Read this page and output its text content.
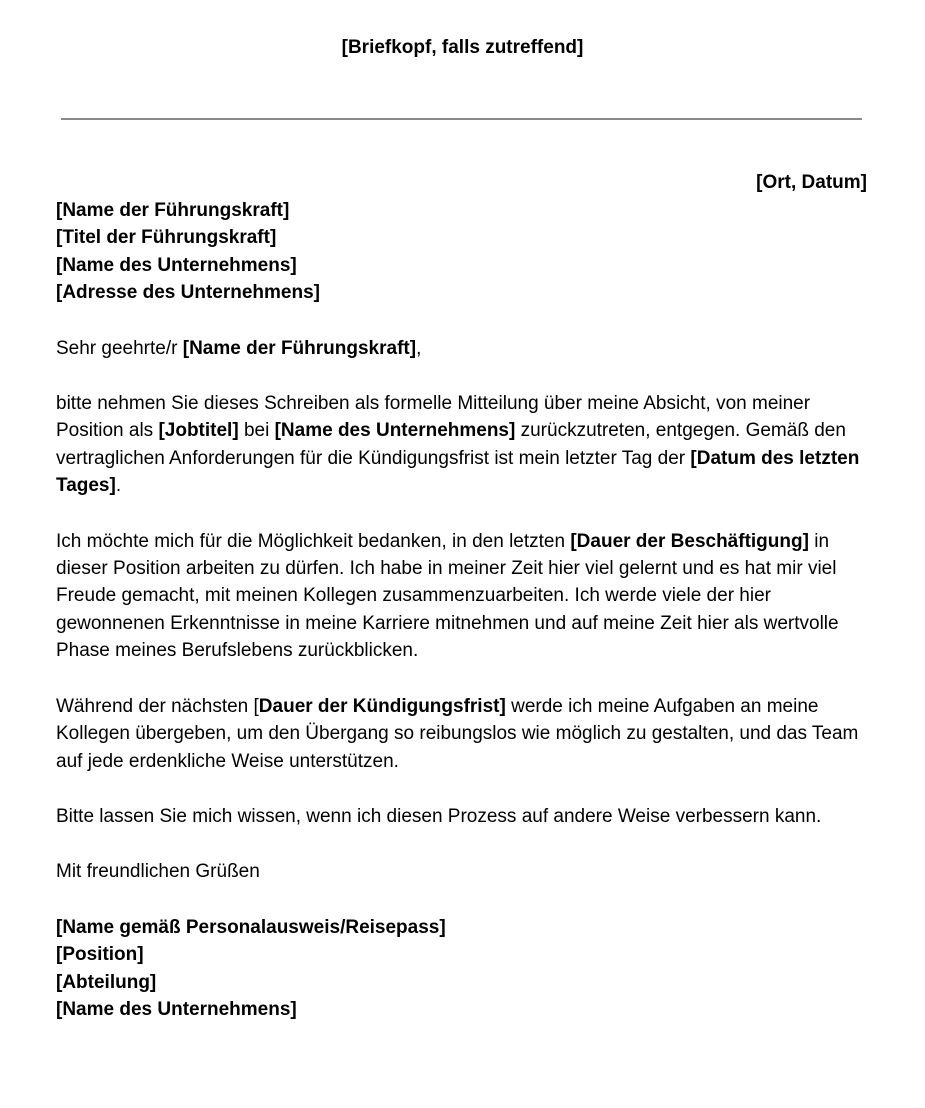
[Briefkopf, falls zutreffend]
[Ort, Datum]
[Name der Führungskraft]
[Titel der Führungskraft]
[Name des Unternehmens]
[Adresse des Unternehmens]

Sehr geehrte/r [Name der Führungskraft],

bitte nehmen Sie dieses Schreiben als formelle Mitteilung über meine Absicht, von meiner Position als [Jobtitel] bei [Name des Unternehmens] zurückzutreten, entgegen. Gemäß den vertraglichen Anforderungen für die Kündigungsfrist ist mein letzter Tag der [Datum des letzten Tages].

Ich möchte mich für die Möglichkeit bedanken, in den letzten [Dauer der Beschäftigung] in dieser Position arbeiten zu dürfen. Ich habe in meiner Zeit hier viel gelernt und es hat mir viel Freude gemacht, mit meinen Kollegen zusammenzuarbeiten. Ich werde viele der hier gewonnenen Erkenntnisse in meine Karriere mitnehmen und auf meine Zeit hier als wertvolle Phase meines Berufslebens zurückblicken.

Während der nächsten [Dauer der Kündigungsfrist] werde ich meine Aufgaben an meine Kollegen übergeben, um den Übergang so reibungslos wie möglich zu gestalten, und das Team auf jede erdenkliche Weise unterstützen.

Bitte lassen Sie mich wissen, wenn ich diesen Prozess auf andere Weise verbessern kann.

Mit freundlichen Grüßen

[Name gemäß Personalausweis/Reisepass]
[Position]
[Abteilung]
[Name des Unternehmens]
